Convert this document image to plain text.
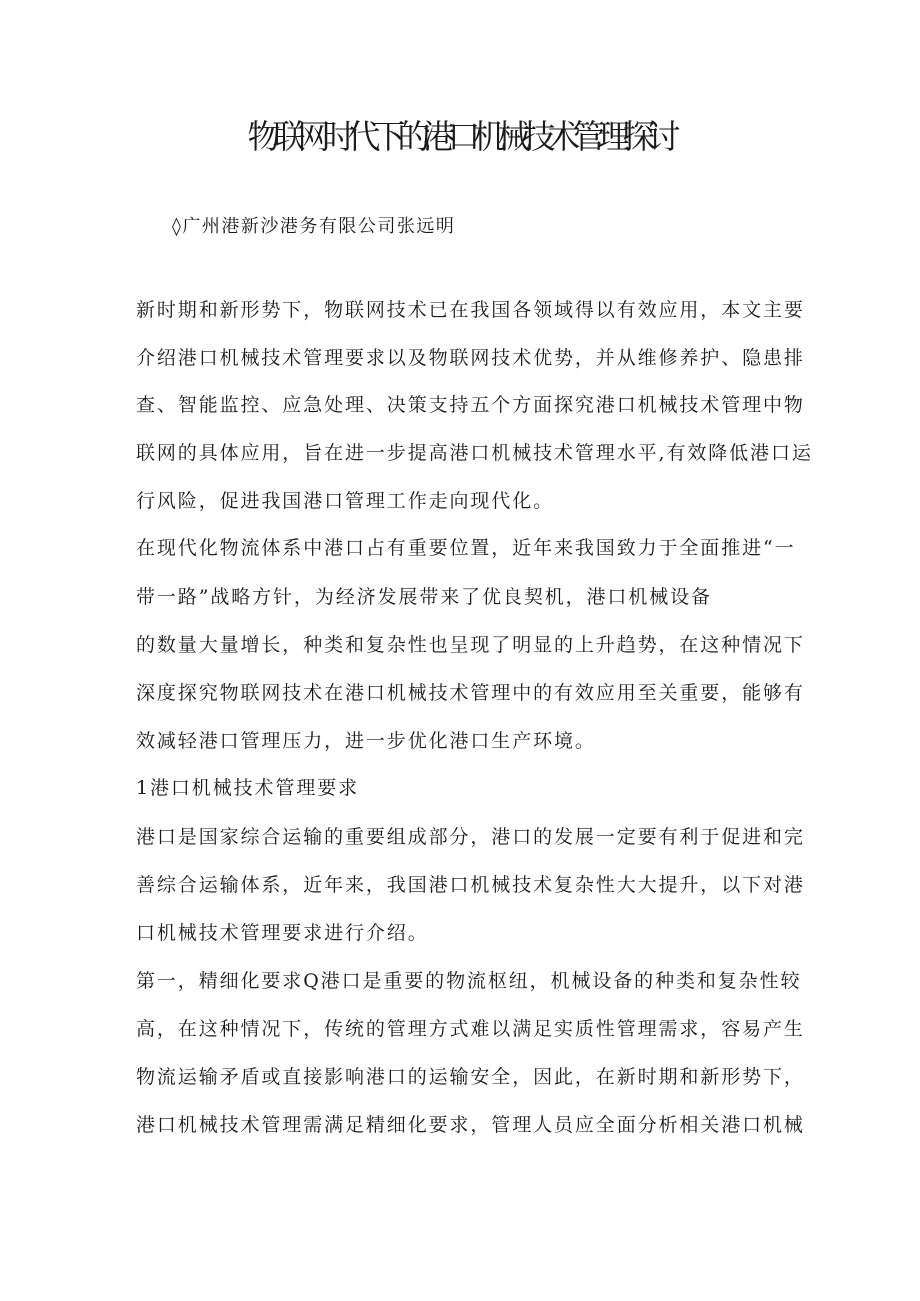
物联网时代下的港口机械技术管理探讨

◊广州港新沙港务有限公司张远明

新时期和新形势下，物联网技术已在我国各领域得以有效应用，本文主要

介绍港口机械技术管理要求以及物联网技术优势，并从维修养护、隐患排

查、智能监控、应急处理、决策支持五个方面探究港口机械技术管理中物

联网的具体应用，旨在进一步提高港口机械技术管理水平,有效降低港口运

行风险，促进我国港口管理工作走向现代化。

在现代化物流体系中港口占有重要位置，近年来我国致力于全面推进“一

带一路”战略方针，为经济发展带来了优良契机，港口机械设备

的数量大量增长，种类和复杂性也呈现了明显的上升趋势，在这种情况下

深度探究物联网技术在港口机械技术管理中的有效应用至关重要，能够有

效减轻港口管理压力，进一步优化港口生产环境。

1港口机械技术管理要求

港口是国家综合运输的重要组成部分，港口的发展一定要有利于促进和完

善综合运输体系，近年来，我国港口机械技术复杂性大大提升，以下对港

口机械技术管理要求进行介绍。

第一，精细化要求Q港口是重要的物流枢纽，机械设备的种类和复杂性较

高，在这种情况下，传统的管理方式难以满足实质性管理需求，容易产生

物流运输矛盾或直接影响港口的运输安全，因此，在新时期和新形势下，

港口机械技术管理需满足精细化要求，管理人员应全面分析相关港口机械
